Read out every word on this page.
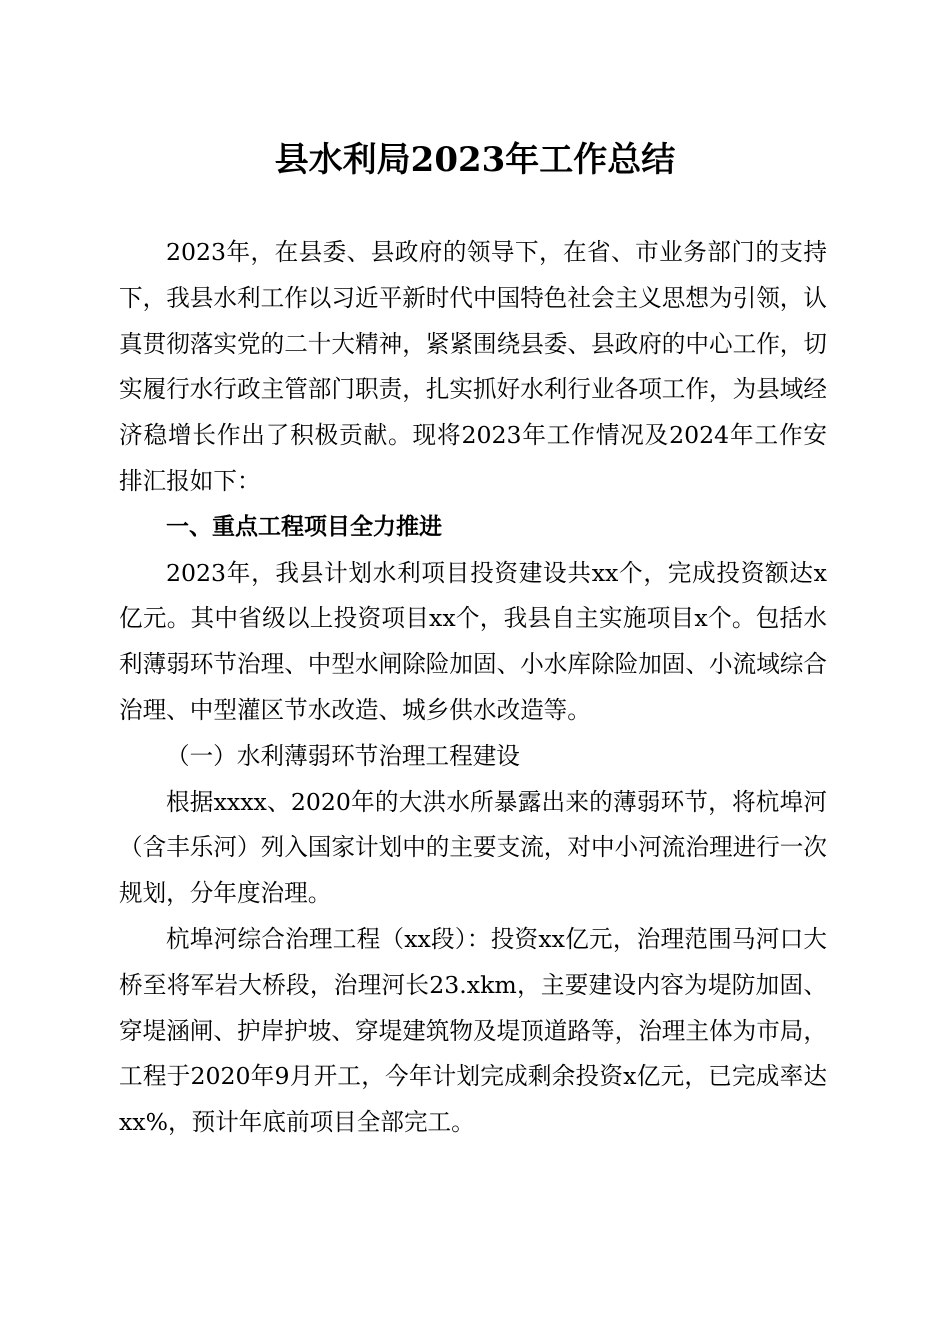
县水利局2023年工作总结

2023年，在县委、县政府的领导下，在省、市业务部门的支持下，我县水利工作以习近平新时代中国特色社会主义思想为引领，认真贯彻落实党的二十大精神，紧紧围绕县委、县政府的中心工作，切实履行水行政主管部门职责，扎实抓好水利行业各项工作，为县域经济稳增长作出了积极贡献。现将2023年工作情况及2024年工作安排汇报如下：

一、重点工程项目全力推进

2023年，我县计划水利项目投资建设共xx个，完成投资额达x亿元。其中省级以上投资项目xx个，我县自主实施项目x个。包括水利薄弱环节治理、中型水闸除险加固、小水库除险加固、小流域综合治理、中型灌区节水改造、城乡供水改造等。

（一）水利薄弱环节治理工程建设

根据xxxx、2020年的大洪水所暴露出来的薄弱环节，将杭埠河（含丰乐河）列入国家计划中的主要支流，对中小河流治理进行一次规划，分年度治理。

杭埠河综合治理工程（xx段）：投资xx亿元，治理范围马河口大桥至将军岩大桥段，治理河长23.xkm，主要建设内容为堤防加固、穿堤涵闸、护岸护坡、穿堤建筑物及堤顶道路等，治理主体为市局，工程于2020年9月开工，今年计划完成剩余投资x亿元，已完成率达xx%，预计年底前项目全部完工。
